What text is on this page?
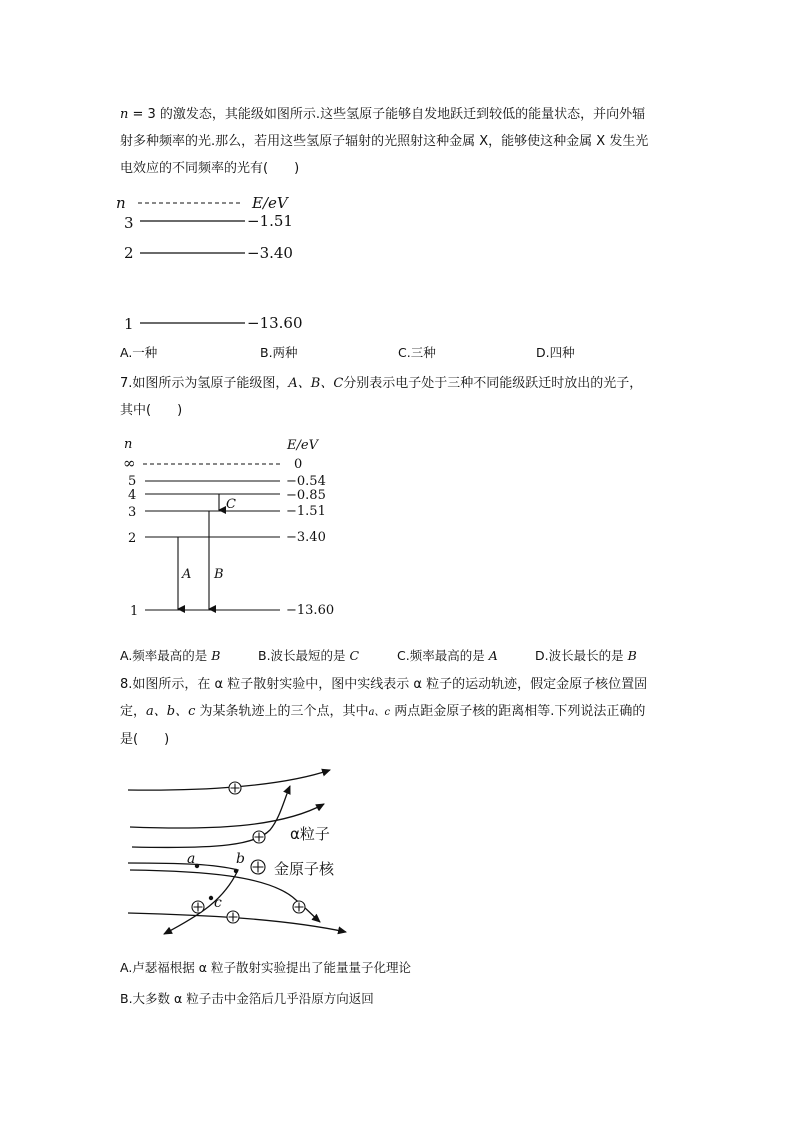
n = 3 的激发态，其能级如图所示.这些氢原子能够自发地跃迁到较低的能量状态，并向外辐
射多种频率的光.那么，若用这些氢原子辐射的光照射这种金属 X，能够使这种金属 X 发生光
电效应的不同频率的光有(　　)
n	E/eV
3	−1.51
2	−3.40
1	−13.60
A.一种	B.两种	C.三种	D.四种
7.如图所示为氢原子能级图，A、B、C分别表示电子处于三种不同能级跃迁时放出的光子，
其中(　　)
n	E/eV
∞	0
5	−0.54
4	−0.85
3	−1.51
2	−3.40
1	−13.60
C
A B
A.频率最高的是 B	B.波长最短的是 C	C.频率最高的是 A	D.波长最长的是 B
8.如图所示，在 α 粒子散射实验中，图中实线表示 α 粒子的运动轨迹，假定金原子核位置固
定，a、b、c 为某条轨迹上的三个点，其中a、c 两点距金原子核的距离相等.下列说法正确的
是(　　)
a	b
c
α粒子
金原子核
A.卢瑟福根据 α 粒子散射实验提出了能量量子化理论
B.大多数 α 粒子击中金箔后几乎沿原方向返回
